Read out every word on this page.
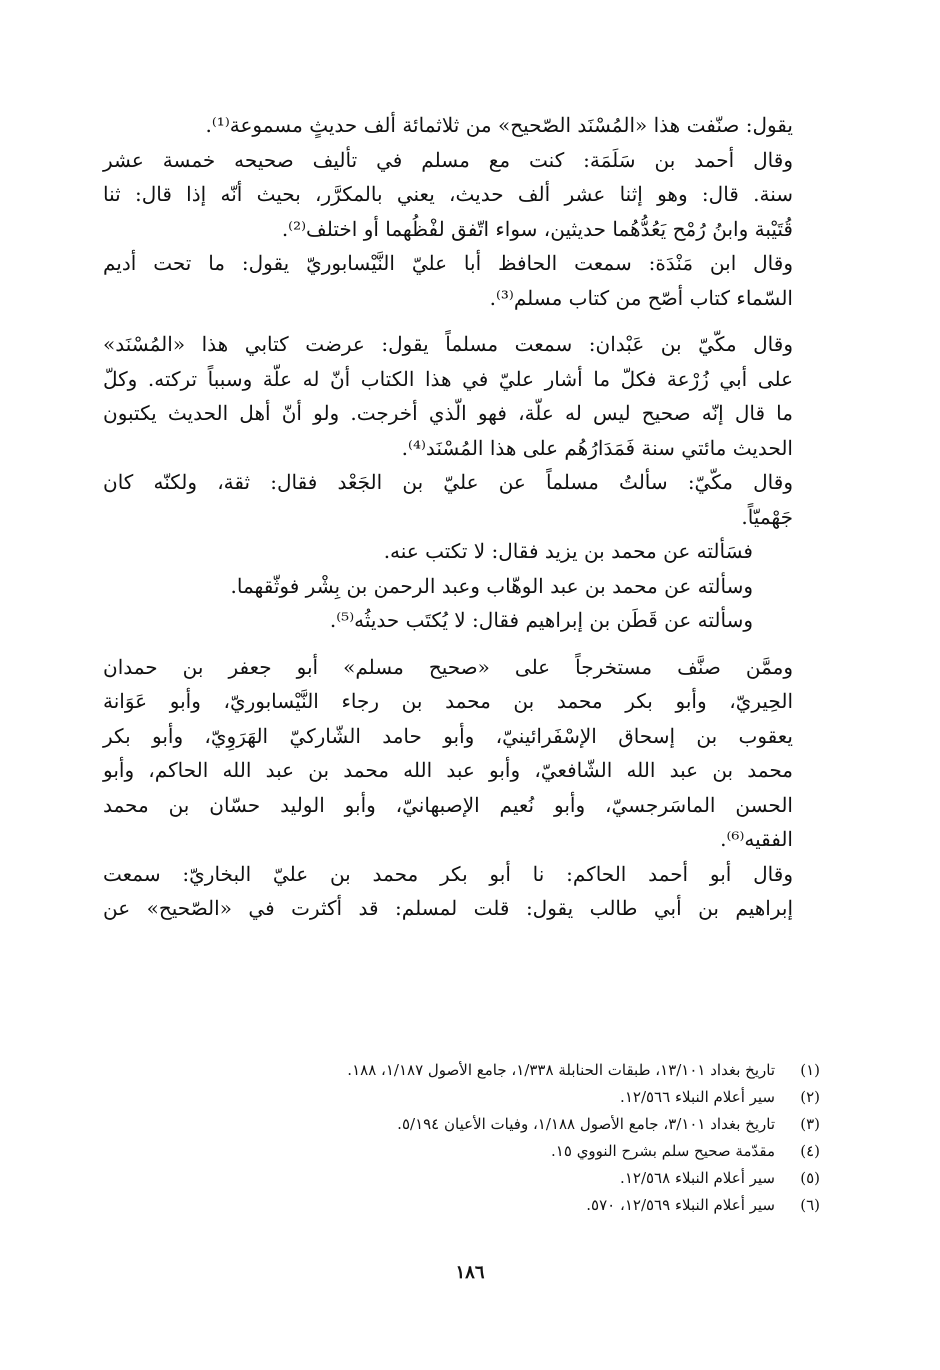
يقول: صنّفت هذا «المُسْنَد الصّحيح» من ثلاثمائة ألف حديثٍ مسموعة⁽¹⁾.

وقال أحمد بن سَلَمَة: كنت مع مسلم في تأليف صحيحه خمسة عشر
سنة. قال: وهو إثنا عشر ألف حديث، يعني بالمكرَّر، بحيث أنّه إذا قال: ثنا
قُتَيْبة وابنُ رُمْح يَعُدُّهُما حديثين، سواء اتّفق لفْظُهما أو اختلف⁽²⁾.

وقال ابن مَنْدَة: سمعت الحافظ أبا عليّ النَّيْسابوريّ يقول: ما تحت أديم
السّماء كتاب أصّح من كتاب مسلم⁽³⁾.

وقال مكّيّ بن عَبْدان: سمعت مسلماً يقول: عرضت كتابي هذا «المُسْنَد»
على أبي زُرْعة فكلّ ما أشار عليّ في هذا الكتاب أنّ له علّة وسبباً تركته. وكلّ
ما قال إنّه صحيح ليس له علّة، فهو الّذي أخرجت. ولو أنّ أهل الحديث يكتبون
الحديث مائتي سنة فَمَدَارُهُم على هذا المُسْنَد⁽⁴⁾.

وقال مكّيّ: سألتُ مسلماً عن عليّ بن الجَعْد فقال: ثقة، ولكنّه كان
جَهْميّاً.

فسَألته عن محمد بن يزيد فقال: لا تكتب عنه.
وسألته عن محمد بن عبد الوهّاب وعبد الرحمن بن بِشْر فوثّقهما.
وسألته عن قَطَن بن إبراهيم فقال: لا يُكتَب حديثُه⁽⁵⁾.

وممَّن صنَّف مستخرجاً على «صحيح مسلم» أبو جعفر بن حمدان
الحِيريّ، وأبو بكر محمد بن محمد بن رجاء النَّيْسابوريّ، وأبو عَوَانة
يعقوب بن إسحاق الإسْفَرائينيّ، وأبو حامد الشّاركيّ الهَرَوِيّ، وأبو بكر
محمد بن عبد الله الشّافعيّ، وأبو عبد الله محمد بن عبد الله الحاكم، وأبو
الحسن الماسَرجسيّ، وأبو نُعيم الإصبهانيّ، وأبو الوليد حسّان بن محمد
الفقيه⁽⁶⁾.

وقال أبو أحمد الحاكم: نا أبو بكر محمد بن عليّ البخاريّ: سمعت
إبراهيم بن أبي طالب يقول: قلت لمسلم: قد أكثرت في «الصّحيح» عن

(١)
تاريخ بغداد ١٣/١٠١، طبقات الحنابلة ١/٣٣٨، جامع الأصول ١/١٨٧، ١٨٨.
(٢)
سير أعلام النبلاء ١٢/٥٦٦.
(٣)
تاريخ بغداد ٣/١٠١، جامع الأصول ١/١٨٨، وفيات الأعيان ٥/١٩٤.
(٤)
مقدّمة صحيح سلم بشرح النووي ١٥.
(٥)
سير أعلام النبلاء ١٢/٥٦٨.
(٦)
سير أعلام النبلاء ١٢/٥٦٩، ٥٧٠.
١٨٦
